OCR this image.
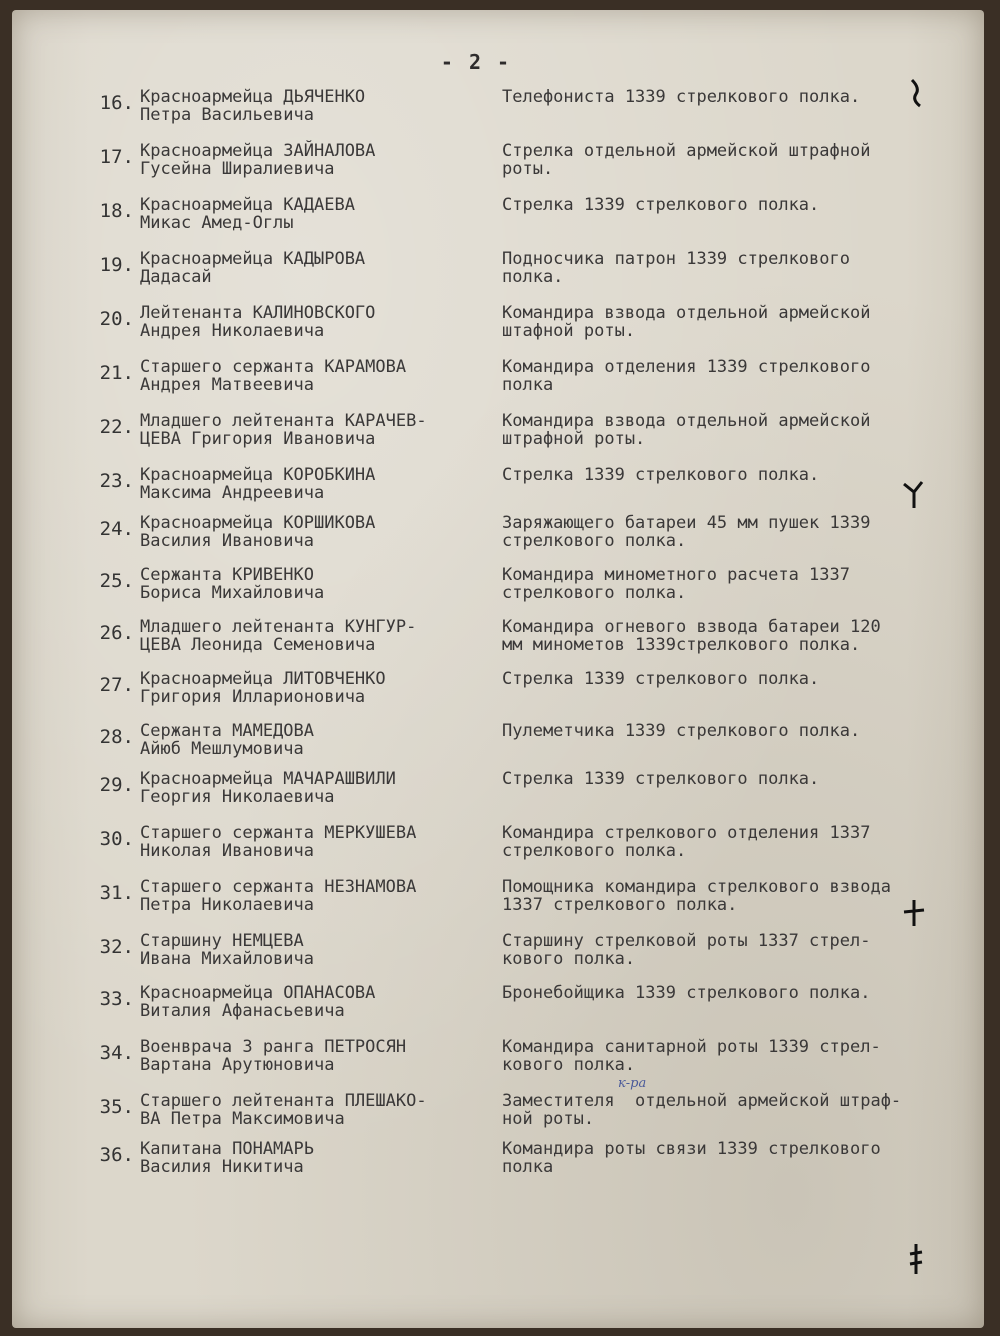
- 2 -
16. Красноармейца ДЬЯЧЕНКО
Петра Васильевича
Телефониста 1339 стрелкового полка.
17. Красноармейца ЗАЙНАЛОВА
Гусейна Ширалиевича
Стрелка отдельной армейской штрафной
роты.
18. Красноармейца КАДАЕВА
Микас Амед-Оглы
Стрелка 1339 стрелкового полка.
19. Красноармейца КАДЫРОВА
Дадасай
Подносчика патрон 1339 стрелкового
полка.
20. Лейтенанта КАЛИНОВСКОГО
Андрея Николаевича
Командира взвода отдельной армейской
штафной роты.
21. Старшего сержанта КАРАМОВА
Андрея Матвеевича
Командира отделения 1339 стрелкового
полка
22. Младшего лейтенанта КАРАЧЕВ-
ЦЕВА Григория Ивановича
Командира взвода отдельной армейской
штрафной роты.
23. Красноармейца КОРОБКИНА
Максима Андреевича
Стрелка 1339 стрелкового полка.
24. Красноармейца КОРШИКОВА
Василия Ивановича
Заряжающего батареи 45 мм пушек 1339
стрелкового полка.
25. Сержанта КРИВЕНКО
Бориса Михайловича
Командира минометного расчета 1337
стрелкового полка.
26. Младшего лейтенанта КУНГУР-
ЦЕВА Леонида Семеновича
Командира огневого взвода батареи 120
мм минометов 1339стрелкового полка.
27. Красноармейца ЛИТОВЧЕНКО
Григория Илларионовича
Стрелка 1339 стрелкового полка.
28. Сержанта МАМЕДОВА
Айюб Мешлумовича
Пулеметчика 1339 стрелкового полка.
29. Красноармейца МАЧАРАШВИЛИ
Георгия Николаевича
Стрелка 1339 стрелкового полка.
30. Старшего сержанта МЕРКУШЕВА
Николая Ивановича
Командира стрелкового отделения 1337
стрелкового полка.
31. Старшего сержанта НЕЗНАМОВА
Петра Николаевича
Помощника командира стрелкового взвода
1337 стрелкового полка.
32. Старшину НЕМЦЕВА
Ивана Михайловича
Старшину стрелковой роты 1337 стрел-
кового полка.
33. Красноармейца ОПАНАСОВА
Виталия Афанасьевича
Бронебойщика 1339 стрелкового полка.
34. Военврача 3 ранга ПЕТРОСЯН
Вартана Арутюновича
Командира санитарной роты 1339 стрел-
кового полка.
35. Старшего лейтенанта ПЛЕШАКО-
ВА Петра Максимовича
Заместителя  отдельной армейской штраф-
ной роты.
36. Капитана ПОНАМАРЬ
Василия Никитича
Командира роты связи 1339 стрелкового
полка
к-ра
